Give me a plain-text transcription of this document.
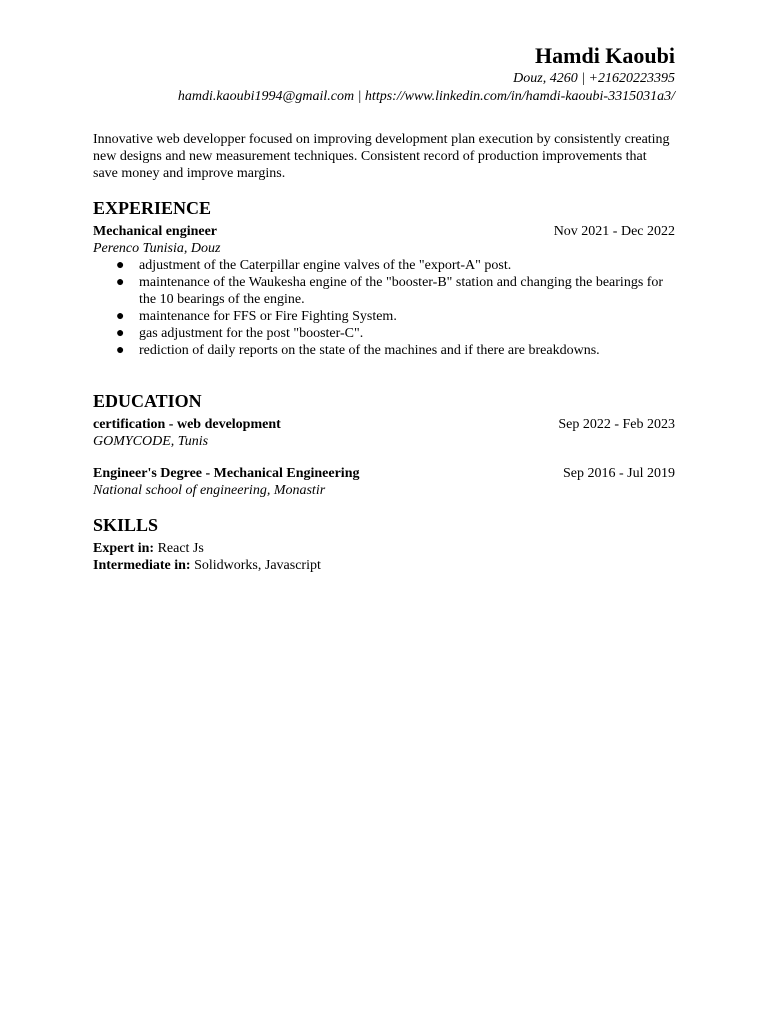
Hamdi Kaoubi
Douz, 4260 | +21620223395
hamdi.kaoubi1994@gmail.com | https://www.linkedin.com/in/hamdi-kaoubi-3315031a3/
Innovative web developper focused on improving development plan execution by consistently creating new designs and new measurement techniques. Consistent record of production improvements that save money and improve margins.
EXPERIENCE
Mechanical engineer	Nov 2021 - Dec 2022
Perenco Tunisia, Douz
● adjustment of the Caterpillar engine valves of the "export-A" post.
● maintenance of the Waukesha engine of the "booster-B" station and changing the bearings for the 10 bearings of the engine.
● maintenance for FFS or Fire Fighting System.
● gas adjustment for the post "booster-C".
● rediction of daily reports on the state of the machines and if there are breakdowns.
EDUCATION
certification - web development	Sep 2022 - Feb 2023
GOMYCODE, Tunis
Engineer's Degree - Mechanical Engineering	Sep 2016 - Jul 2019
National school of engineering, Monastir
SKILLS
Expert in: React Js
Intermediate in: Solidworks, Javascript
